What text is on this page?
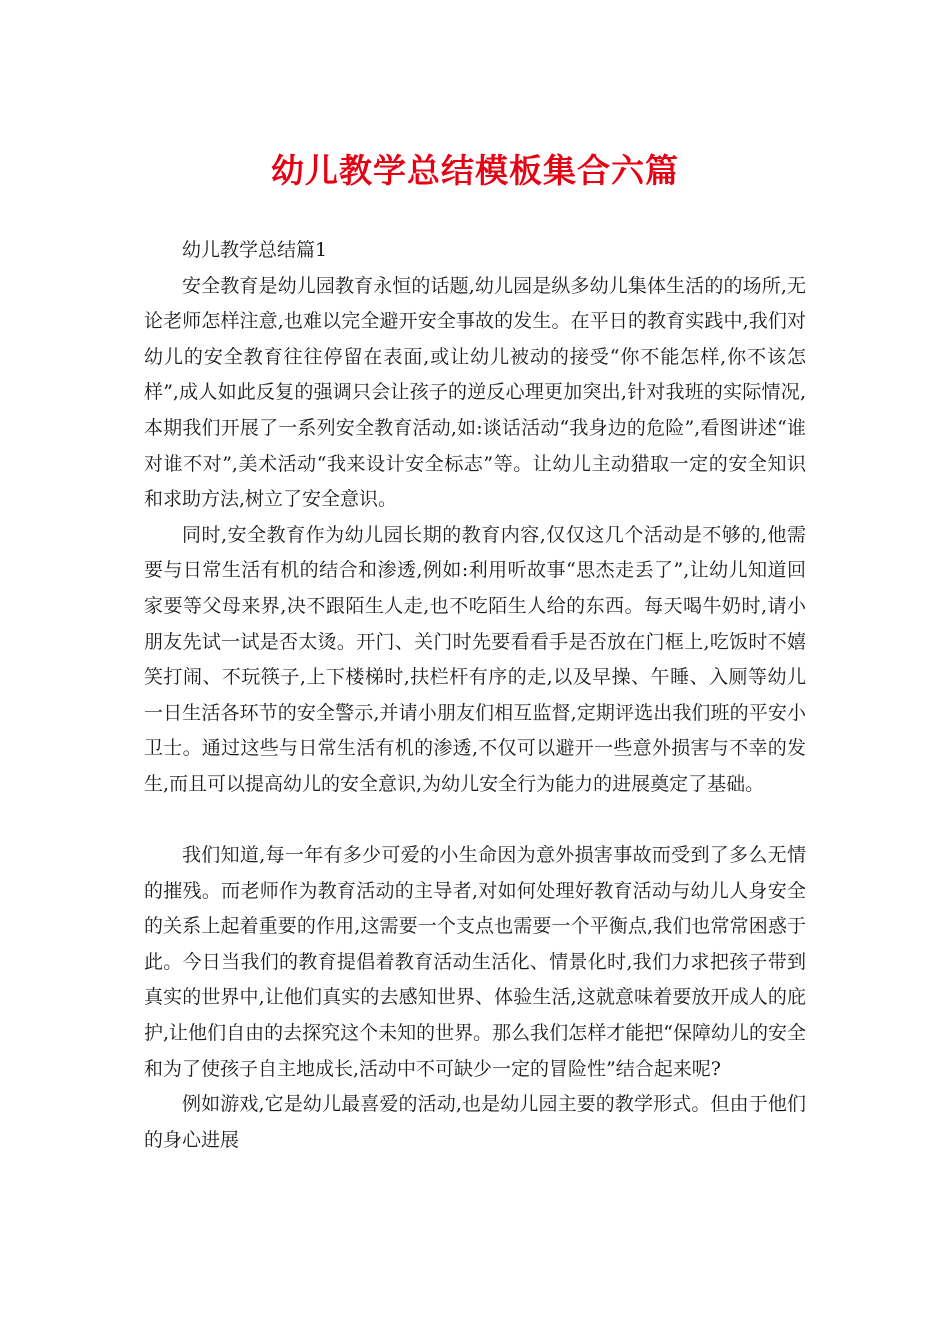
幼儿教学总结模板集合六篇

幼儿教学总结篇1

安全教育是幼儿园教育永恒的话题,幼儿园是纵多幼儿集体生活的的场所,无论老师怎样注意,也难以完全避开安全事故的发生。在平日的教育实践中,我们对幼儿的安全教育往往停留在表面,或让幼儿被动的接受“你不能怎样,你不该怎样”,成人如此反复的强调只会让孩子的逆反心理更加突出,针对我班的实际情况,本期我们开展了一系列安全教育活动,如:谈话活动“我身边的危险”,看图讲述“谁对谁不对”,美术活动“我来设计安全标志”等。让幼儿主动猎取一定的安全知识和求助方法,树立了安全意识。

同时,安全教育作为幼儿园长期的教育内容,仅仅这几个活动是不够的,他需要与日常生活有机的结合和渗透,例如:利用听故事“思杰走丢了”,让幼儿知道回家要等父母来界,决不跟陌生人走,也不吃陌生人给的东西。每天喝牛奶时,请小朋友先试一试是否太烫。开门、关门时先要看看手是否放在门框上,吃饭时不嬉笑打闹、不玩筷子,上下楼梯时,扶栏杆有序的走,以及早操、午睡、入厕等幼儿一日生活各环节的安全警示,并请小朋友们相互监督,定期评选出我们班的平安小卫士。通过这些与日常生活有机的渗透,不仅可以避开一些意外损害与不幸的发生,而且可以提高幼儿的安全意识,为幼儿安全行为能力的进展奠定了基础。

我们知道,每一年有多少可爱的小生命因为意外损害事故而受到了多么无情的摧残。而老师作为教育活动的主导者,对如何处理好教育活动与幼儿人身安全的关系上起着重要的作用,这需要一个支点也需要一个平衡点,我们也常常困惑于此。今日当我们的教育提倡着教育活动生活化、情景化时,我们力求把孩子带到真实的世界中,让他们真实的去感知世界、体验生活,这就意味着要放开成人的庇护,让他们自由的去探究这个未知的世界。那么我们怎样才能把“保障幼儿的安全和为了使孩子自主地成长,活动中不可缺少一定的冒险性”结合起来呢?

例如游戏,它是幼儿最喜爱的活动,也是幼儿园主要的教学形式。但由于他们的身心进展
